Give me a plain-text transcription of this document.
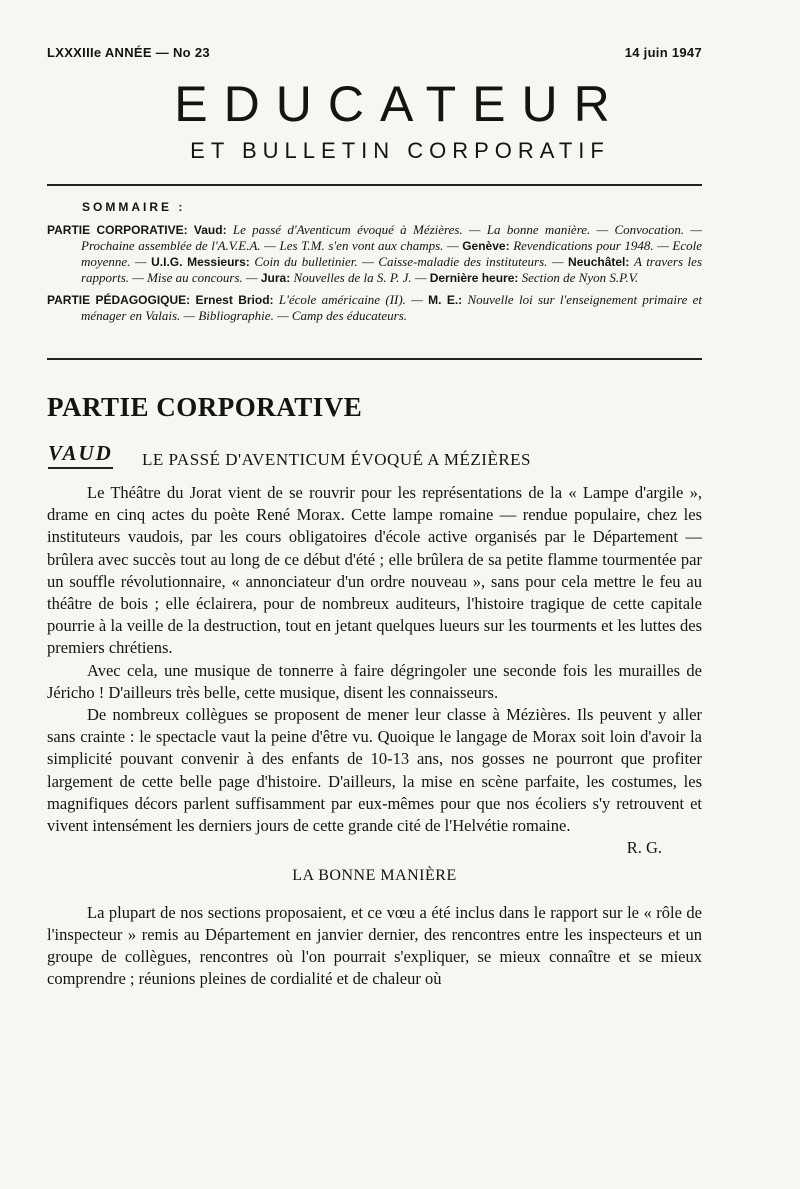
LXXXIIIe ANNÉE — No 23	14 juin 1947
EDUCATEUR
ET BULLETIN CORPORATIF
SOMMAIRE :

PARTIE CORPORATIVE: Vaud: Le passé d'Aventicum évoqué à Mézières. — La bonne manière. — Convocation. — Prochaine assemblée de l'A.V.E.A. — Les T.M. s'en vont aux champs. — Genève: Revendications pour 1948. — Ecole moyenne. — U.I.G. Messieurs: Coin du bulletinier. — Caisse-maladie des instituteurs. — Neuchâtel: A travers les rapports. — Mise au concours. — Jura: Nouvelles de la S. P. J. — Dernière heure: Section de Nyon S.P.V.

PARTIE PÉDAGOGIQUE: Ernest Briod: L'école américaine (II). — M. E.: Nouvelle loi sur l'enseignement primaire et ménager en Valais. — Bibliographie. — Camp des éducateurs.

PARTIE CORPORATIVE
VAUD LE PASSÉ D'AVENTICUM ÉVOQUÉ A MÉZIÈRES

Le Théâtre du Jorat vient de se rouvrir pour les représentations de la « Lampe d'argile », drame en cinq actes du poète René Morax. Cette lampe romaine — rendue populaire, chez les instituteurs vaudois, par les cours obligatoires d'école active organisés par le Département — brûlera avec succès tout au long de ce début d'été ; elle brûlera de sa petite flamme tourmentée par un souffle révolutionnaire, « annonciateur d'un ordre nouveau », sans pour cela mettre le feu au théâtre de bois ; elle éclairera, pour de nombreux auditeurs, l'histoire tragique de cette capitale pourrie à la veille de la destruction, tout en jetant quelques lueurs sur les tourments et les luttes des premiers chrétiens.

Avec cela, une musique de tonnerre à faire dégringoler une seconde fois les murailles de Jéricho ! D'ailleurs très belle, cette musique, disent les connaisseurs.

De nombreux collègues se proposent de mener leur classe à Mézières. Ils peuvent y aller sans crainte : le spectacle vaut la peine d'être vu. Quoique le langage de Morax soit loin d'avoir la simplicité pouvant convenir à des enfants de 10-13 ans, nos gosses ne pourront que profiter largement de cette belle page d'histoire. D'ailleurs, la mise en scène parfaite, les costumes, les magnifiques décors parlent suffisamment par eux-mêmes pour que nos écoliers s'y retrouvent et vivent intensément les derniers jours de cette grande cité de l'Helvétie romaine.

R. G.

LA BONNE MANIÈRE

La plupart de nos sections proposaient, et ce vœu a été inclus dans le rapport sur le « rôle de l'inspecteur » remis au Département en janvier dernier, des rencontres entre les inspecteurs et un groupe de collègues, rencontres où l'on pourrait s'expliquer, se mieux connaître et se mieux comprendre ; réunions pleines de cordialité et de chaleur où
